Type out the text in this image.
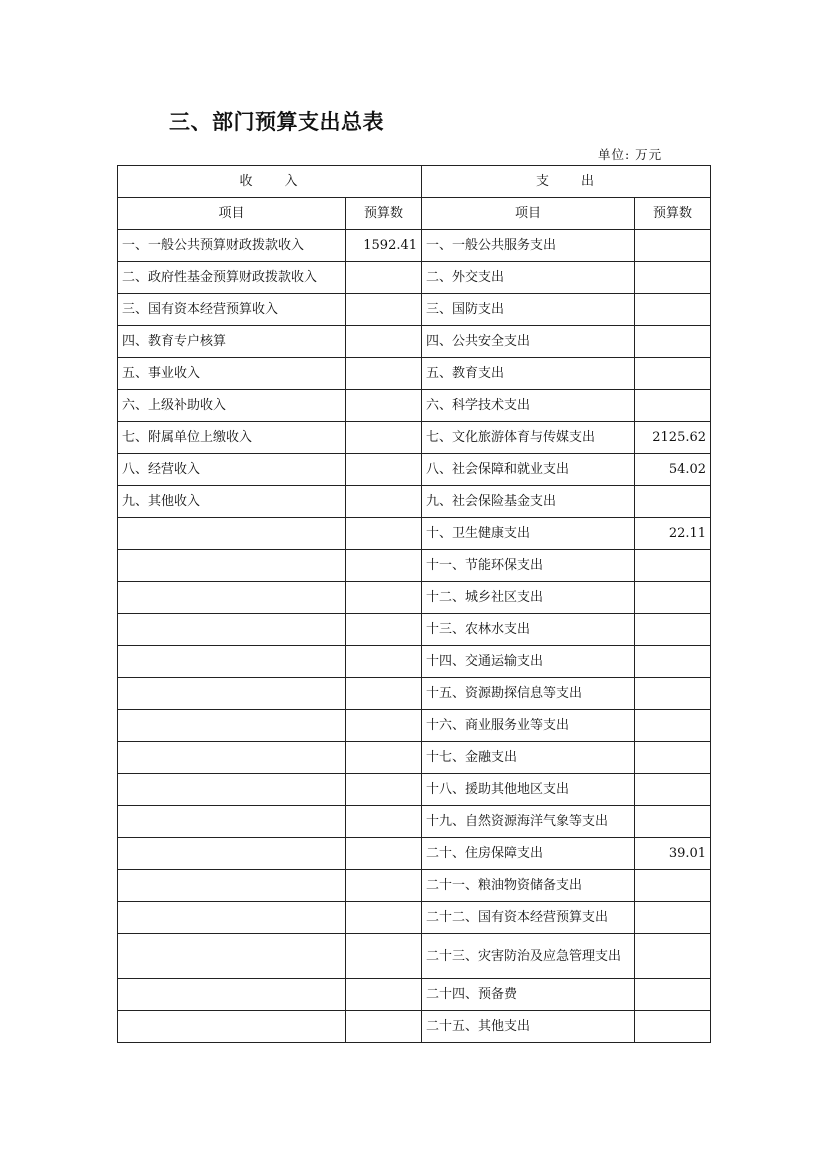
三、部门预算支出总表
单位: 万元
收　　入		支　　出	
项目	预算数	项目	预算数
一、一般公共预算财政拨款收入	1592.41	一、一般公共服务支出	
二、政府性基金预算财政拨款收入		二、外交支出	
三、国有资本经营预算收入		三、国防支出	
四、教育专户核算		四、公共安全支出	
五、事业收入		五、教育支出	
六、上级补助收入		六、科学技术支出	
七、附属单位上缴收入		七、文化旅游体育与传媒支出	2125.62
八、经营收入		八、社会保障和就业支出	54.02
九、其他收入		九、社会保险基金支出	
		十、卫生健康支出	22.11
		十一、节能环保支出	
		十二、城乡社区支出	
		十三、农林水支出	
		十四、交通运输支出	
		十五、资源勘探信息等支出	
		十六、商业服务业等支出	
		十七、金融支出	
		十八、援助其他地区支出	
		十九、自然资源海洋气象等支出	
		二十、住房保障支出	39.01
		二十一、粮油物资储备支出	
		二十二、国有资本经营预算支出	
		二十三、灾害防治及应急管理支出	
		二十四、预备费	
		二十五、其他支出	
